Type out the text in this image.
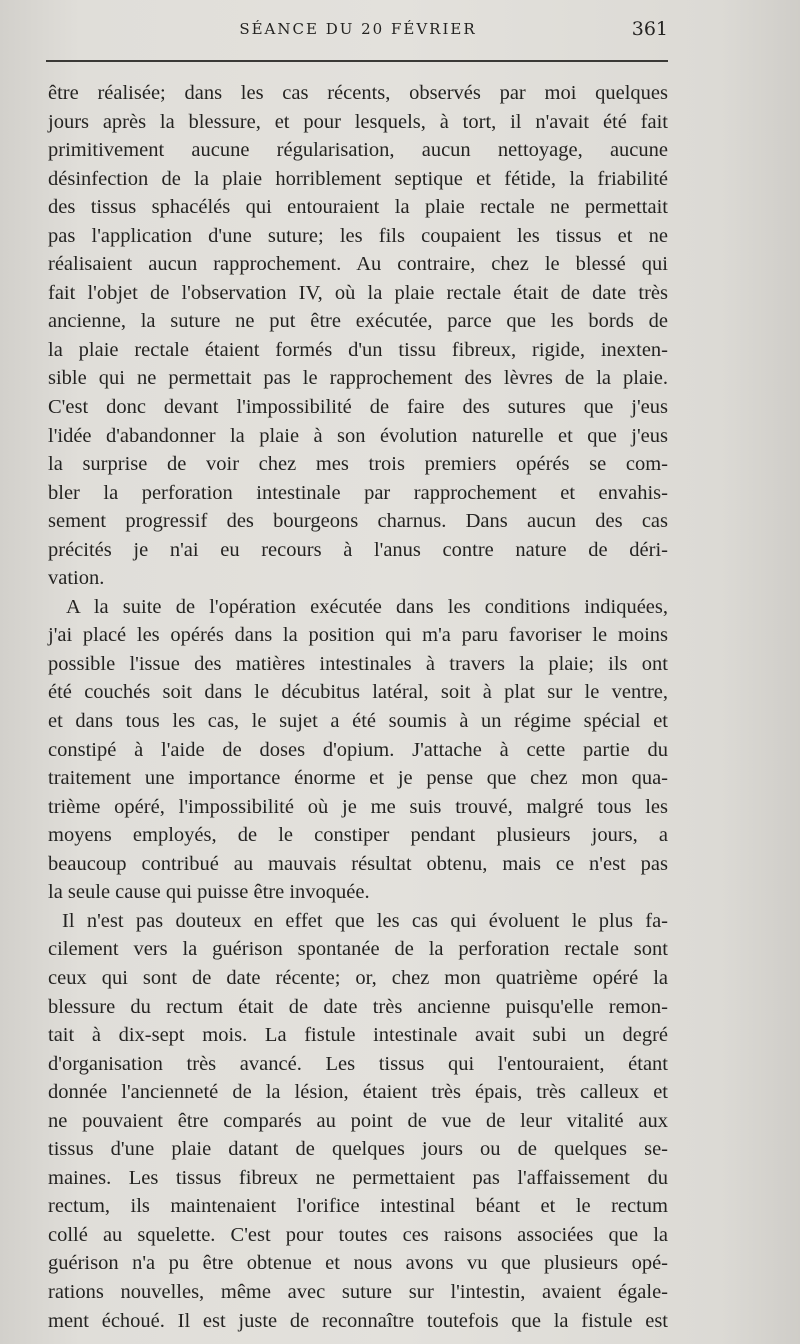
SÉANCE DU 20 FÉVRIER	361
être réalisée; dans les cas récents, observés par moi quelques
jours après la blessure, et pour lesquels, à tort, il n'avait été fait
primitivement aucune régularisation, aucun nettoyage, aucune
désinfection de la plaie horriblement septique et fétide, la friabilité
des tissus sphacélés qui entouraient la plaie rectale ne permettait
pas l'application d'une suture; les fils coupaient les tissus et ne
réalisaient aucun rapprochement. Au contraire, chez le blessé qui
fait l'objet de l'observation IV, où la plaie rectale était de date très
ancienne, la suture ne put être exécutée, parce que les bords de
la plaie rectale étaient formés d'un tissu fibreux, rigide, inexten-
sible qui ne permettait pas le rapprochement des lèvres de la plaie.
C'est donc devant l'impossibilité de faire des sutures que j'eus
l'idée d'abandonner la plaie à son évolution naturelle et que j'eus
la surprise de voir chez mes trois premiers opérés se com-
bler la perforation intestinale par rapprochement et envahis-
sement progressif des bourgeons charnus. Dans aucun des cas
précités je n'ai eu recours à l'anus contre nature de déri-
vation.
A la suite de l'opération exécutée dans les conditions indiquées,
j'ai placé les opérés dans la position qui m'a paru favoriser le moins
possible l'issue des matières intestinales à travers la plaie; ils ont
été couchés soit dans le décubitus latéral, soit à plat sur le ventre,
et dans tous les cas, le sujet a été soumis à un régime spécial et
constipé à l'aide de doses d'opium. J'attache à cette partie du
traitement une importance énorme et je pense que chez mon qua-
trième opéré, l'impossibilité où je me suis trouvé, malgré tous les
moyens employés, de le constiper pendant plusieurs jours, a
beaucoup contribué au mauvais résultat obtenu, mais ce n'est pas
la seule cause qui puisse être invoquée.
Il n'est pas douteux en effet que les cas qui évoluent le plus fa-
cilement vers la guérison spontanée de la perforation rectale sont
ceux qui sont de date récente; or, chez mon quatrième opéré la
blessure du rectum était de date très ancienne puisqu'elle remon-
tait à dix-sept mois. La fistule intestinale avait subi un degré
d'organisation très avancé. Les tissus qui l'entouraient, étant
donnée l'ancienneté de la lésion, étaient très épais, très calleux et
ne pouvaient être comparés au point de vue de leur vitalité aux
tissus d'une plaie datant de quelques jours ou de quelques se-
maines. Les tissus fibreux ne permettaient pas l'affaissement du
rectum, ils maintenaient l'orifice intestinal béant et le rectum
collé au squelette. C'est pour toutes ces raisons associées que la
guérison n'a pu être obtenue et nous avons vu que plusieurs opé-
rations nouvelles, même avec suture sur l'intestin, avaient égale-
ment échoué. Il est juste de reconnaître toutefois que la fistule est
